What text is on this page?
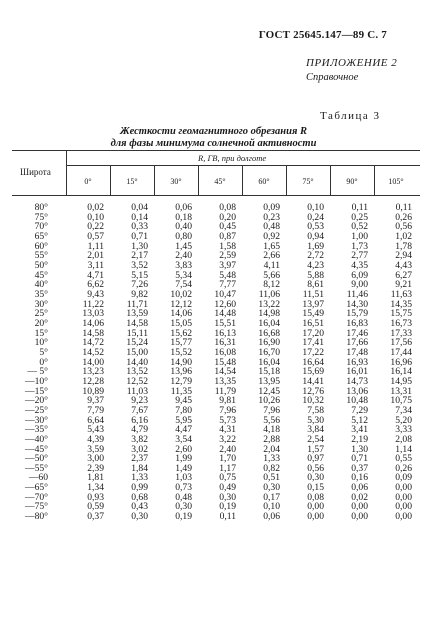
ГОСТ 25645.147—89 С. 7
ПРИЛОЖЕНИЕ 2
Справочное
Таблица 3
Жесткости геомагнитного обрезания R
для фазы минимума солнечной активности
Широта
R, ГВ, при долготе
0°	15°	30°	45°	60°	75°	90°	105°
80°	0,02	0,04	0,06	0,08	0,09	0,10	0,11	0,11
75°	0,10	0,14	0,18	0,20	0,23	0,24	0,25	0,26
70°	0,22	0,33	0,40	0,45	0,48	0,53	0,52	0,56
65°	0,57	0,71	0,80	0,87	0,92	0,94	1,00	1,02
60°	1,11	1,30	1,45	1,58	1,65	1,69	1,73	1,78
55°	2,01	2,17	2,40	2,59	2,66	2,72	2,77	2,94
50°	3,11	3,52	3,83	3,97	4,11	4,23	4,35	4,43
45°	4,71	5,15	5,34	5,48	5,66	5,88	6,09	6,27
40°	6,62	7,26	7,54	7,77	8,12	8,61	9,00	9,21
35°	9,43	9,82	10,02	10,47	11,06	11,51	11,46	11,63
30°	11,22	11,71	12,12	12,60	13,22	13,97	14,30	14,35
25°	13,03	13,59	14,06	14,48	14,98	15,49	15,79	15,75
20°	14,06	14,58	15,05	15,51	16,04	16,51	16,83	16,73
15°	14,58	15,11	15,62	16,13	16,68	17,20	17,46	17,33
10°	14,72	15,24	15,77	16,31	16,90	17,41	17,66	17,56
5°	14,52	15,00	15,52	16,08	16,70	17,22	17,48	17,44
0°	14,00	14,40	14,90	15,48	16,04	16,64	16,93	16,96
— 5°	13,23	13,52	13,96	14,54	15,18	15,69	16,01	16,14
—10°	12,28	12,52	12,79	13,35	13,95	14,41	14,73	14,95
—15°	10,89	11,03	11,35	11,79	12,45	12,76	13,06	13,31
—20°	9,37	9,23	9,45	9,81	10,26	10,32	10,48	10,75
—25°	7,79	7,67	7,80	7,96	7,96	7,58	7,29	7,34
—30°	6,64	6,16	5,95	5,73	5,56	5,30	5,12	5,20
—35°	5,43	4,79	4,47	4,31	4,18	3,84	3,41	3,33
—40°	4,39	3,82	3,54	3,22	2,88	2,54	2,19	2,08
—45°	3,59	3,02	2,60	2,40	2,04	1,57	1,30	1,14
—50°	3,00	2,37	1,99	1,70	1,33	0,97	0,71	0,55
—55°	2,39	1,84	1,49	1,17	0,82	0,56	0,37	0,26
—60	1,81	1,33	1,03	0,75	0,51	0,30	0,16	0,09
—65°	1,34	0,99	0,73	0,49	0,30	0,15	0,06	0,00
—70°	0,93	0,68	0,48	0,30	0,17	0,08	0,02	0,00
—75°	0,59	0,43	0,30	0,19	0,10	0,00	0,00	0,00
—80°	0,37	0,30	0,19	0,11	0,06	0,00	0,00	0,00
